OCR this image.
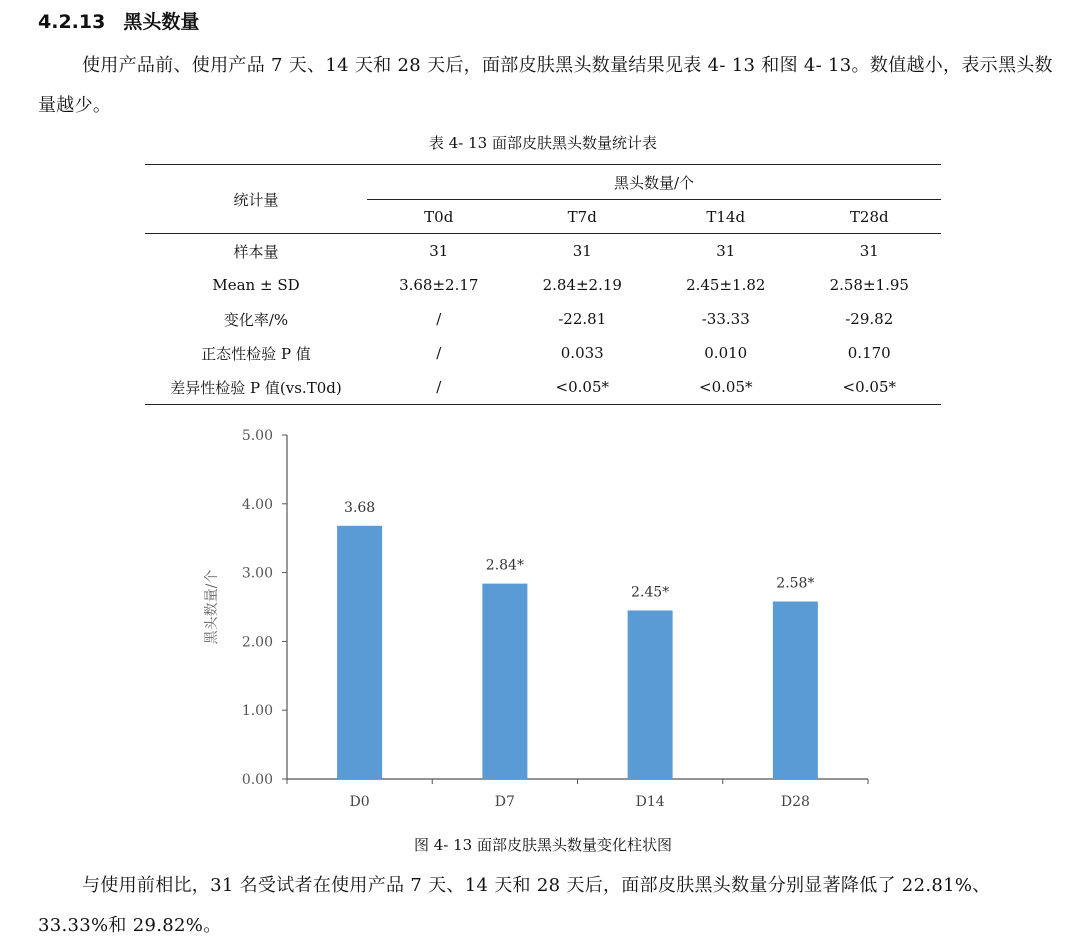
4.2.13 黑头数量

使用产品前、使用产品 7 天、14 天和 28 天后，面部皮肤黑头数量结果见表 4- 13 和图 4- 13。数值越小，表示黑头数量越少。

表 4- 13 面部皮肤黑头数量统计表

统计量	黑头数量/个			
	T0d	T7d	T14d	T28d
样本量	31	31	31	31
Mean ± SD	3.68±2.17	2.84±2.19	2.45±1.82	2.58±1.95
变化率/%	/	-22.81	-33.33	-29.82
正态性检验 P 值	/	0.033	0.010	0.170
差异性检验 P 值(vs.T0d)	/	<0.05*	<0.05*	<0.05*
0.00
1.00
2.00
3.00
4.00
5.00
黑头数量/个
3.68
D0
2.84*
D7
2.45*
D14
2.58*
D28

图 4- 13 面部皮肤黑头数量变化柱状图

与使用前相比，31 名受试者在使用产品 7 天、14 天和 28 天后，面部皮肤黑头数量分别显著降低了 22.81%、33.33%和 29.82%。
